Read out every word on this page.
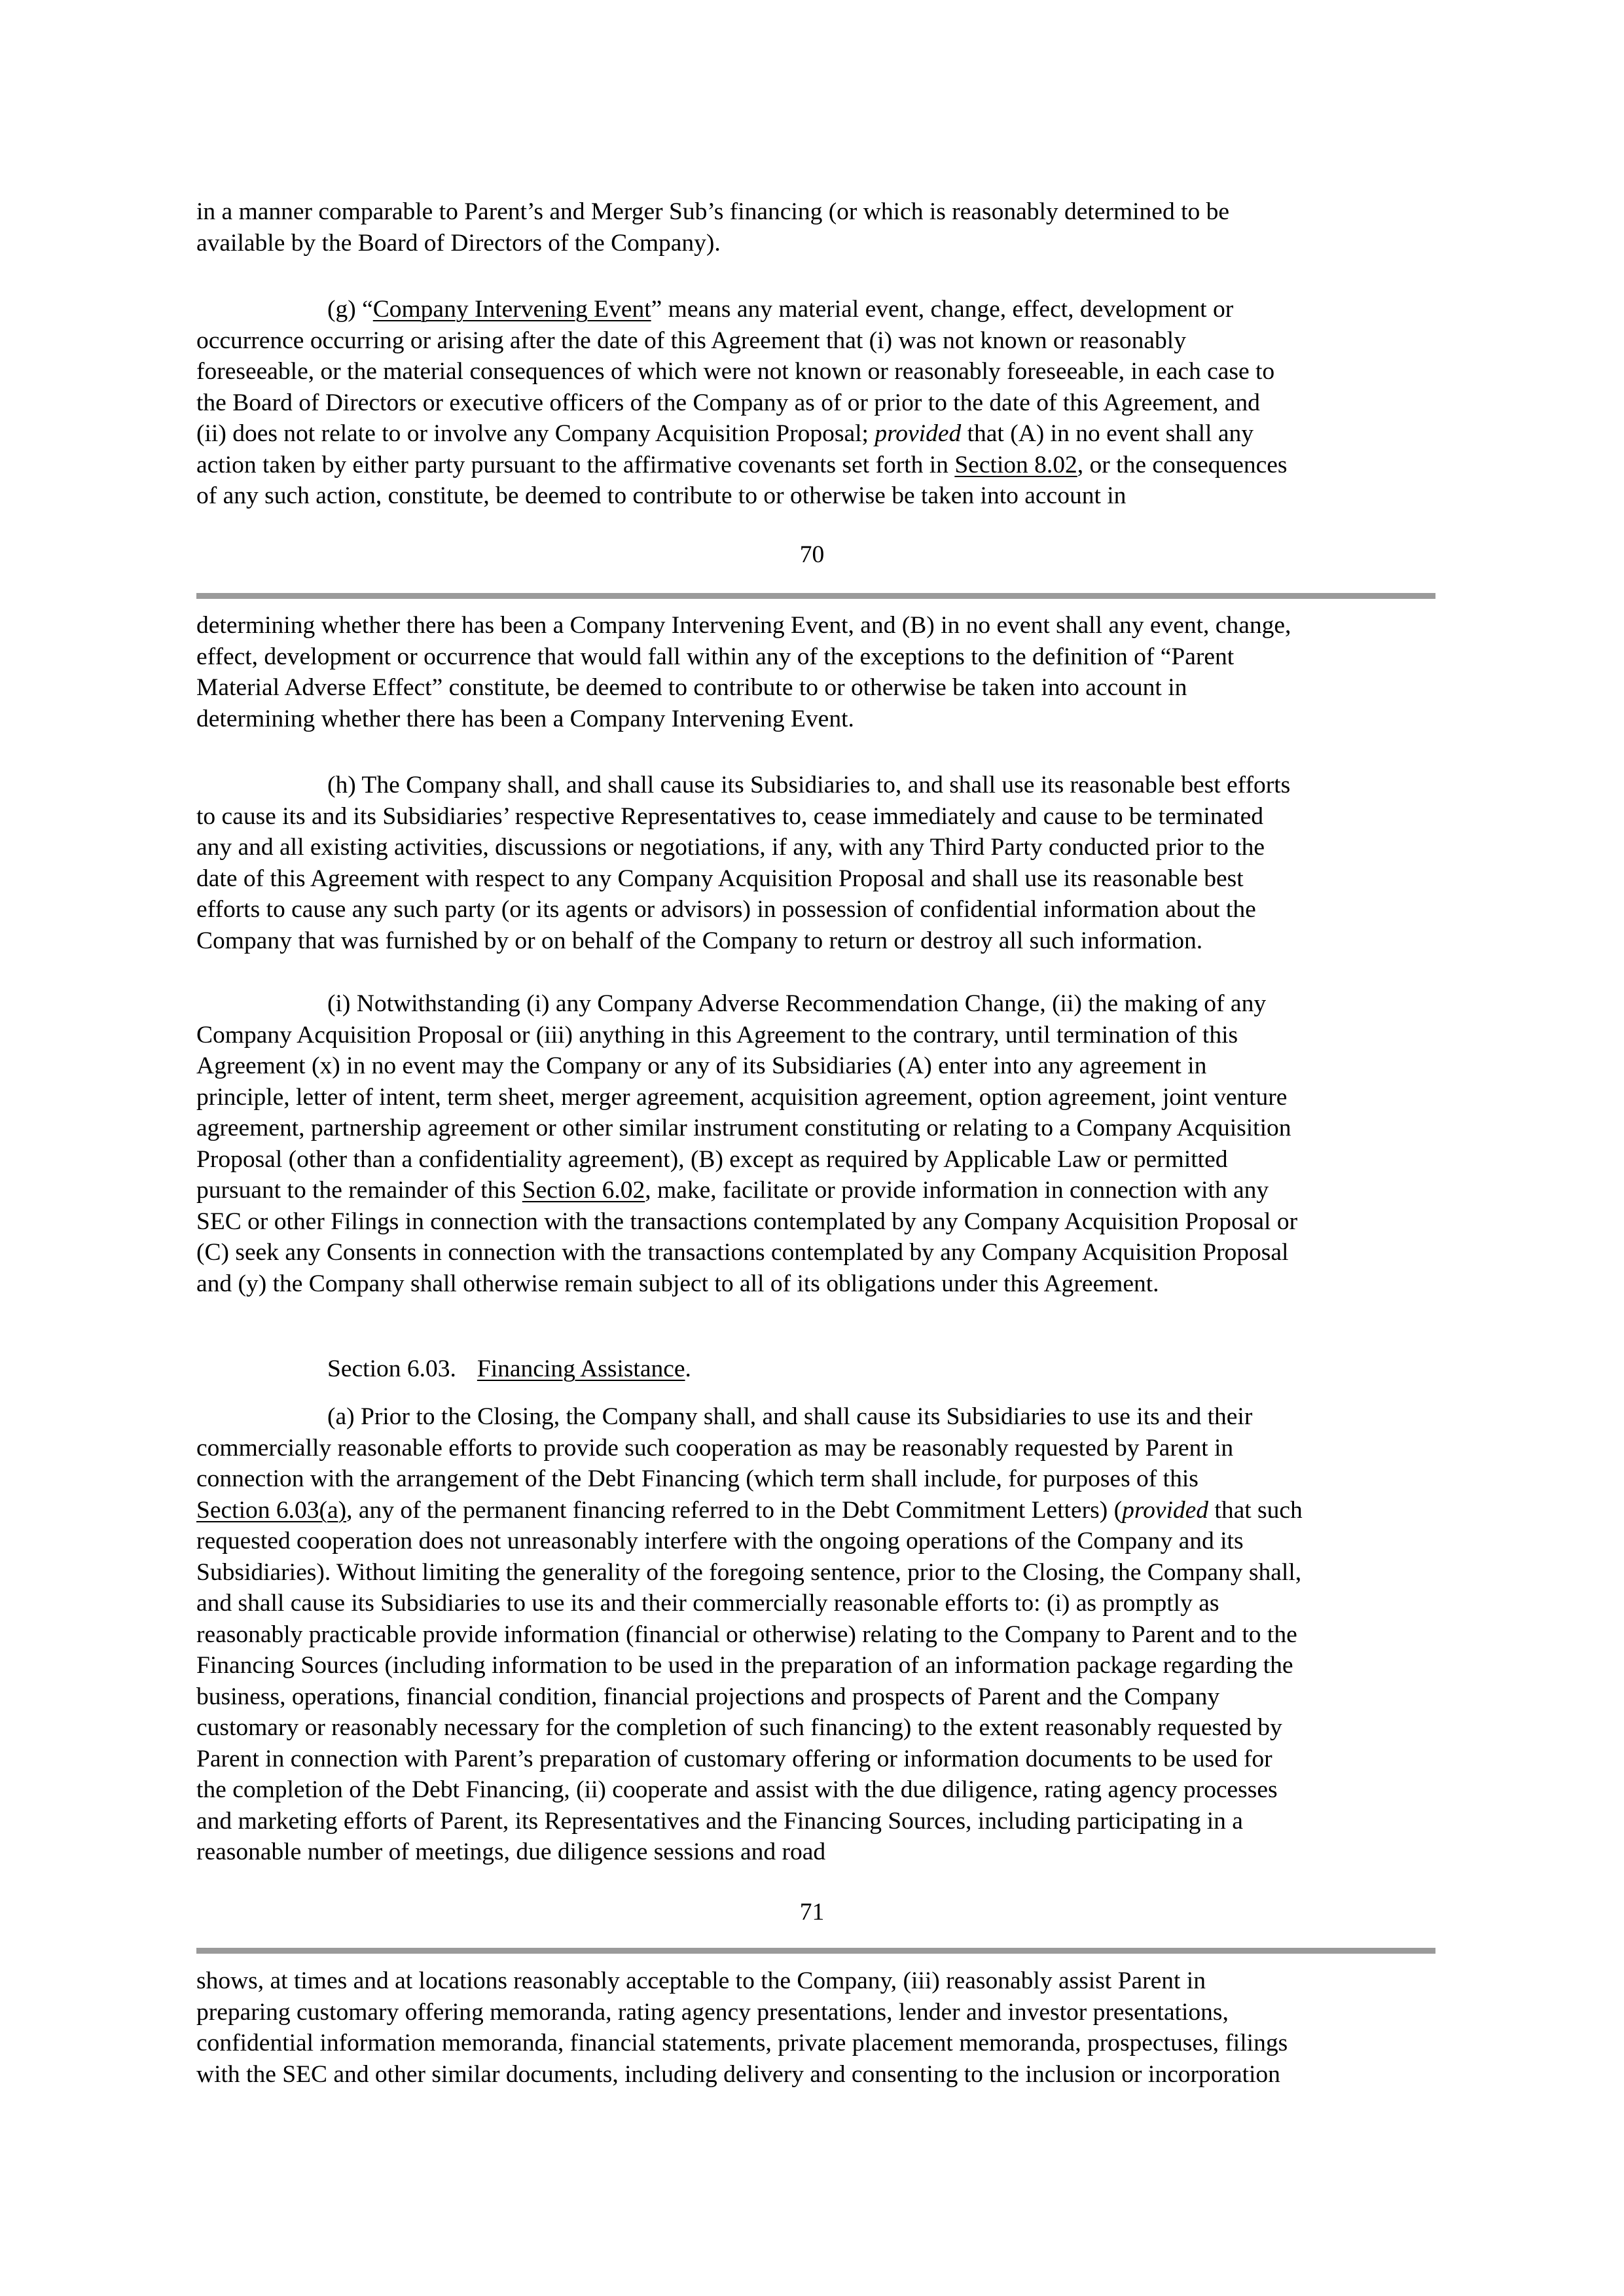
in a manner comparable to Parent’s and Merger Sub’s financing (or which is reasonably determined to be
available by the Board of Directors of the Company).
(g) “Company Intervening Event” means any material event, change, effect, development or
occurrence occurring or arising after the date of this Agreement that (i) was not known or reasonably
foreseeable, or the material consequences of which were not known or reasonably foreseeable, in each case to
the Board of Directors or executive officers of the Company as of or prior to the date of this Agreement, and
(ii) does not relate to or involve any Company Acquisition Proposal; provided that (A) in no event shall any
action taken by either party pursuant to the affirmative covenants set forth in Section 8.02, or the consequences
of any such action, constitute, be deemed to contribute to or otherwise be taken into account in
70
determining whether there has been a Company Intervening Event, and (B) in no event shall any event, change,
effect, development or occurrence that would fall within any of the exceptions to the definition of “Parent
Material Adverse Effect” constitute, be deemed to contribute to or otherwise be taken into account in
determining whether there has been a Company Intervening Event.
(h) The Company shall, and shall cause its Subsidiaries to, and shall use its reasonable best efforts
to cause its and its Subsidiaries’ respective Representatives to, cease immediately and cause to be terminated
any and all existing activities, discussions or negotiations, if any, with any Third Party conducted prior to the
date of this Agreement with respect to any Company Acquisition Proposal and shall use its reasonable best
efforts to cause any such party (or its agents or advisors) in possession of confidential information about the
Company that was furnished by or on behalf of the Company to return or destroy all such information.
(i) Notwithstanding (i) any Company Adverse Recommendation Change, (ii) the making of any
Company Acquisition Proposal or (iii) anything in this Agreement to the contrary, until termination of this
Agreement (x) in no event may the Company or any of its Subsidiaries (A) enter into any agreement in
principle, letter of intent, term sheet, merger agreement, acquisition agreement, option agreement, joint venture
agreement, partnership agreement or other similar instrument constituting or relating to a Company Acquisition
Proposal (other than a confidentiality agreement), (B) except as required by Applicable Law or permitted
pursuant to the remainder of this Section 6.02, make, facilitate or provide information in connection with any
SEC or other Filings in connection with the transactions contemplated by any Company Acquisition Proposal or
(C) seek any Consents in connection with the transactions contemplated by any Company Acquisition Proposal
and (y) the Company shall otherwise remain subject to all of its obligations under this Agreement.
Section 6.03. Financing Assistance.
(a) Prior to the Closing, the Company shall, and shall cause its Subsidiaries to use its and their
commercially reasonable efforts to provide such cooperation as may be reasonably requested by Parent in
connection with the arrangement of the Debt Financing (which term shall include, for purposes of this
Section 6.03(a), any of the permanent financing referred to in the Debt Commitment Letters) (provided that such
requested cooperation does not unreasonably interfere with the ongoing operations of the Company and its
Subsidiaries). Without limiting the generality of the foregoing sentence, prior to the Closing, the Company shall,
and shall cause its Subsidiaries to use its and their commercially reasonable efforts to: (i) as promptly as
reasonably practicable provide information (financial or otherwise) relating to the Company to Parent and to the
Financing Sources (including information to be used in the preparation of an information package regarding the
business, operations, financial condition, financial projections and prospects of Parent and the Company
customary or reasonably necessary for the completion of such financing) to the extent reasonably requested by
Parent in connection with Parent’s preparation of customary offering or information documents to be used for
the completion of the Debt Financing, (ii) cooperate and assist with the due diligence, rating agency processes
and marketing efforts of Parent, its Representatives and the Financing Sources, including participating in a
reasonable number of meetings, due diligence sessions and road
71
shows, at times and at locations reasonably acceptable to the Company, (iii) reasonably assist Parent in
preparing customary offering memoranda, rating agency presentations, lender and investor presentations,
confidential information memoranda, financial statements, private placement memoranda, prospectuses, filings
with the SEC and other similar documents, including delivery and consenting to the inclusion or incorporation
